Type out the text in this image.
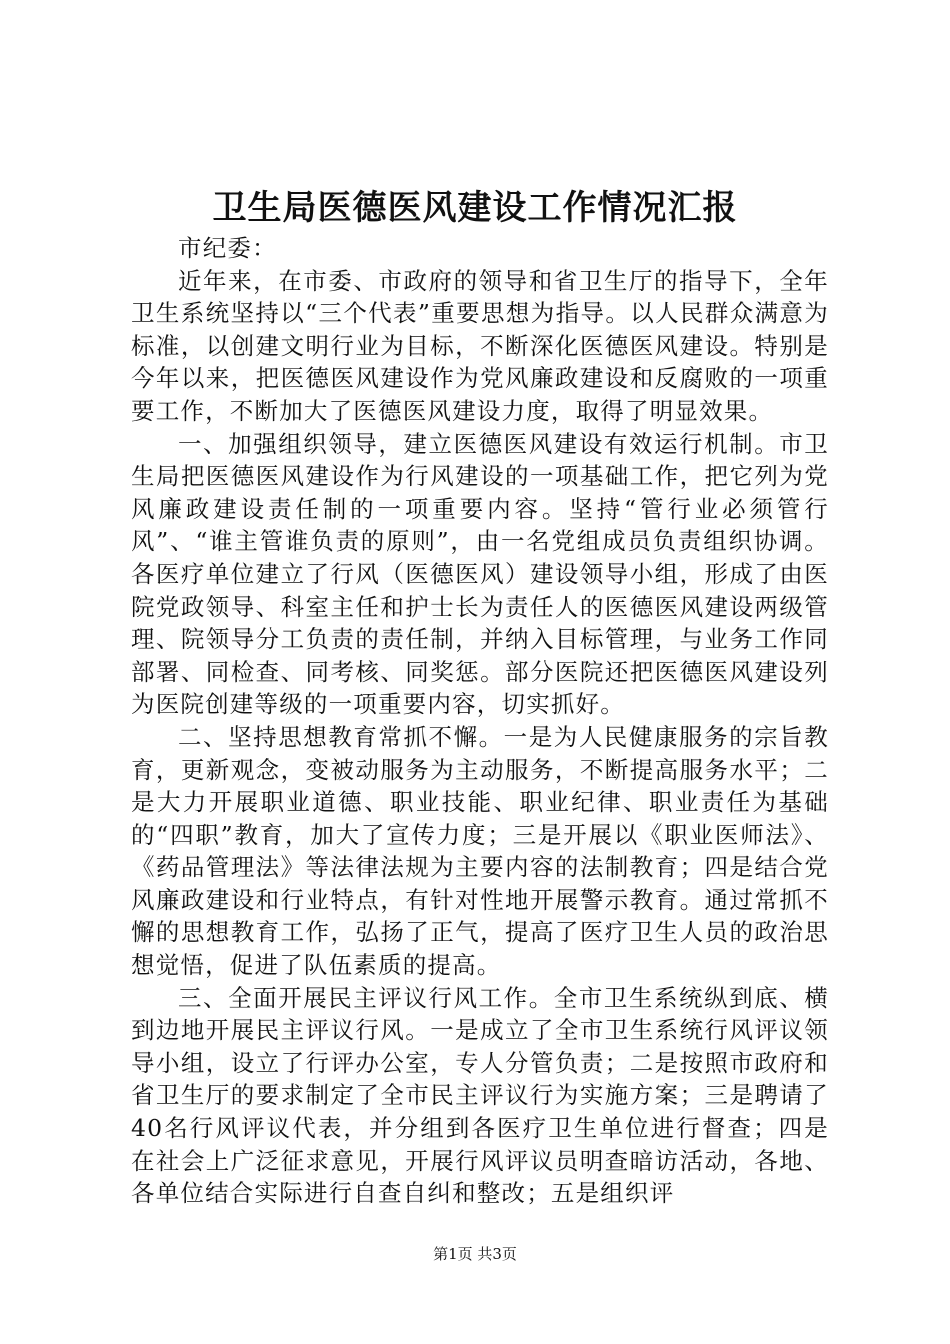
卫生局医德医风建设工作情况汇报

市纪委：

近年来，在市委、市政府的领导和省卫生厅的指导下，全年卫生系统坚持以“三个代表”重要思想为指导。以人民群众满意为标准，以创建文明行业为目标，不断深化医德医风建设。特别是今年以来，把医德医风建设作为党风廉政建设和反腐败的一项重要工作，不断加大了医德医风建设力度，取得了明显效果。

一、加强组织领导，建立医德医风建设有效运行机制。市卫生局把医德医风建设作为行风建设的一项基础工作，把它列为党风廉政建设责任制的一项重要内容。坚持“管行业必须管行风”、“谁主管谁负责的原则”，由一名党组成员负责组织协调。各医疗单位建立了行风（医德医风）建设领导小组，形成了由医院党政领导、科室主任和护士长为责任人的医德医风建设两级管理、院领导分工负责的责任制，并纳入目标管理，与业务工作同部署、同检查、同考核、同奖惩。部分医院还把医德医风建设列为医院创建等级的一项重要内容，切实抓好。

二、坚持思想教育常抓不懈。一是为人民健康服务的宗旨教育，更新观念，变被动服务为主动服务，不断提高服务水平；二是大力开展职业道德、职业技能、职业纪律、职业责任为基础的“四职”教育，加大了宣传力度；三是开展以《职业医师法》、《药品管理法》等法律法规为主要内容的法制教育；四是结合党风廉政建设和行业特点，有针对性地开展警示教育。通过常抓不懈的思想教育工作，弘扬了正气，提高了医疗卫生人员的政治思想觉悟，促进了队伍素质的提高。

三、全面开展民主评议行风工作。全市卫生系统纵到底、横到边地开展民主评议行风。一是成立了全市卫生系统行风评议领导小组，设立了行评办公室，专人分管负责；二是按照市政府和省卫生厅的要求制定了全市民主评议行为实施方案；三是聘请了40名行风评议代表，并分组到各医疗卫生单位进行督查；四是在社会上广泛征求意见，开展行风评议员明查暗访活动，各地、各单位结合实际进行自查自纠和整改；五是组织评

第1页 共3页
